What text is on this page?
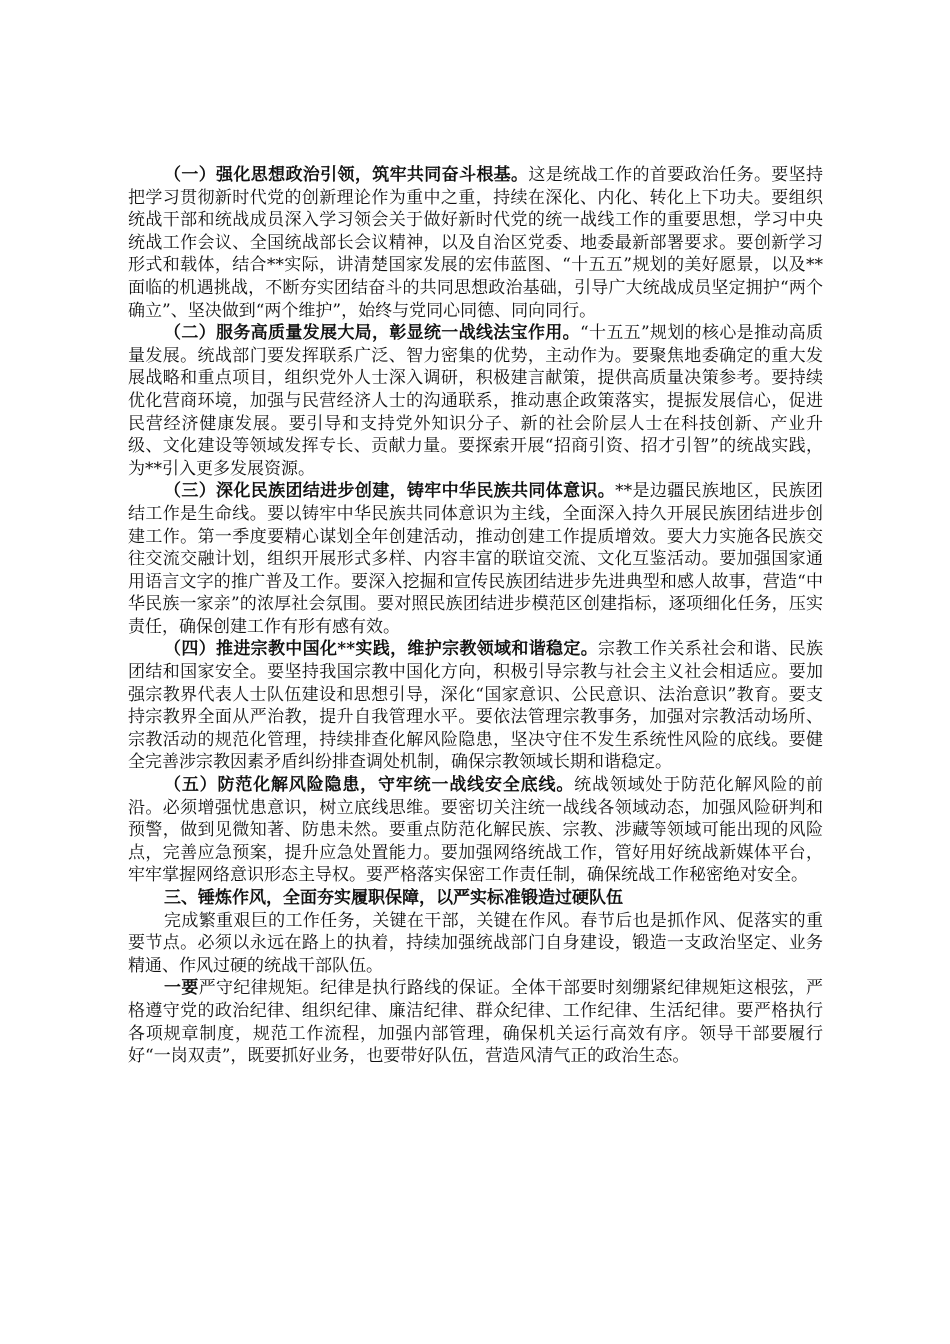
（一）强化思想政治引领，筑牢共同奋斗根基。这是统战工作的首要政治任务。要坚持把学习贯彻新时代党的创新理论作为重中之重，持续在深化、内化、转化上下功夫。要组织统战干部和统战成员深入学习领会关于做好新时代党的统一战线工作的重要思想，学习中央统战工作会议、全国统战部长会议精神，以及自治区党委、地委最新部署要求。要创新学习形式和载体，结合**实际，讲清楚国家发展的宏伟蓝图、“十五五”规划的美好愿景，以及**面临的机遇挑战，不断夯实团结奋斗的共同思想政治基础，引导广大统战成员坚定拥护“两个确立”、坚决做到“两个维护”，始终与党同心同德、同向同行。

（二）服务高质量发展大局，彰显统一战线法宝作用。“十五五”规划的核心是推动高质量发展。统战部门要发挥联系广泛、智力密集的优势，主动作为。要聚焦地委确定的重大发展战略和重点项目，组织党外人士深入调研，积极建言献策，提供高质量决策参考。要持续优化营商环境，加强与民营经济人士的沟通联系，推动惠企政策落实，提振发展信心，促进民营经济健康发展。要引导和支持党外知识分子、新的社会阶层人士在科技创新、产业升级、文化建设等领域发挥专长、贡献力量。要探索开展“招商引资、招才引智”的统战实践，为**引入更多发展资源。

（三）深化民族团结进步创建，铸牢中华民族共同体意识。**是边疆民族地区，民族团结工作是生命线。要以铸牢中华民族共同体意识为主线，全面深入持久开展民族团结进步创建工作。第一季度要精心谋划全年创建活动，推动创建工作提质增效。要大力实施各民族交往交流交融计划，组织开展形式多样、内容丰富的联谊交流、文化互鉴活动。要加强国家通用语言文字的推广普及工作。要深入挖掘和宣传民族团结进步先进典型和感人故事，营造“中华民族一家亲”的浓厚社会氛围。要对照民族团结进步模范区创建指标，逐项细化任务，压实责任，确保创建工作有形有感有效。

（四）推进宗教中国化**实践，维护宗教领域和谐稳定。宗教工作关系社会和谐、民族团结和国家安全。要坚持我国宗教中国化方向，积极引导宗教与社会主义社会相适应。要加强宗教界代表人士队伍建设和思想引导，深化“国家意识、公民意识、法治意识”教育。要支持宗教界全面从严治教，提升自我管理水平。要依法管理宗教事务，加强对宗教活动场所、宗教活动的规范化管理，持续排查化解风险隐患，坚决守住不发生系统性风险的底线。要健全完善涉宗教因素矛盾纠纷排查调处机制，确保宗教领域长期和谐稳定。

（五）防范化解风险隐患，守牢统一战线安全底线。统战领域处于防范化解风险的前沿。必须增强忧患意识，树立底线思维。要密切关注统一战线各领域动态，加强风险研判和预警，做到见微知著、防患未然。要重点防范化解民族、宗教、涉藏等领域可能出现的风险点，完善应急预案，提升应急处置能力。要加强网络统战工作，管好用好统战新媒体平台，牢牢掌握网络意识形态主导权。要严格落实保密工作责任制，确保统战工作秘密绝对安全。

三、锤炼作风，全面夯实履职保障，以严实标准锻造过硬队伍

完成繁重艰巨的工作任务，关键在干部，关键在作风。春节后也是抓作风、促落实的重要节点。必须以永远在路上的执着，持续加强统战部门自身建设，锻造一支政治坚定、业务精通、作风过硬的统战干部队伍。

一要严守纪律规矩。纪律是执行路线的保证。全体干部要时刻绷紧纪律规矩这根弦，严格遵守党的政治纪律、组织纪律、廉洁纪律、群众纪律、工作纪律、生活纪律。要严格执行各项规章制度，规范工作流程，加强内部管理，确保机关运行高效有序。领导干部要履行好“一岗双责”，既要抓好业务，也要带好队伍，营造风清气正的政治生态。
